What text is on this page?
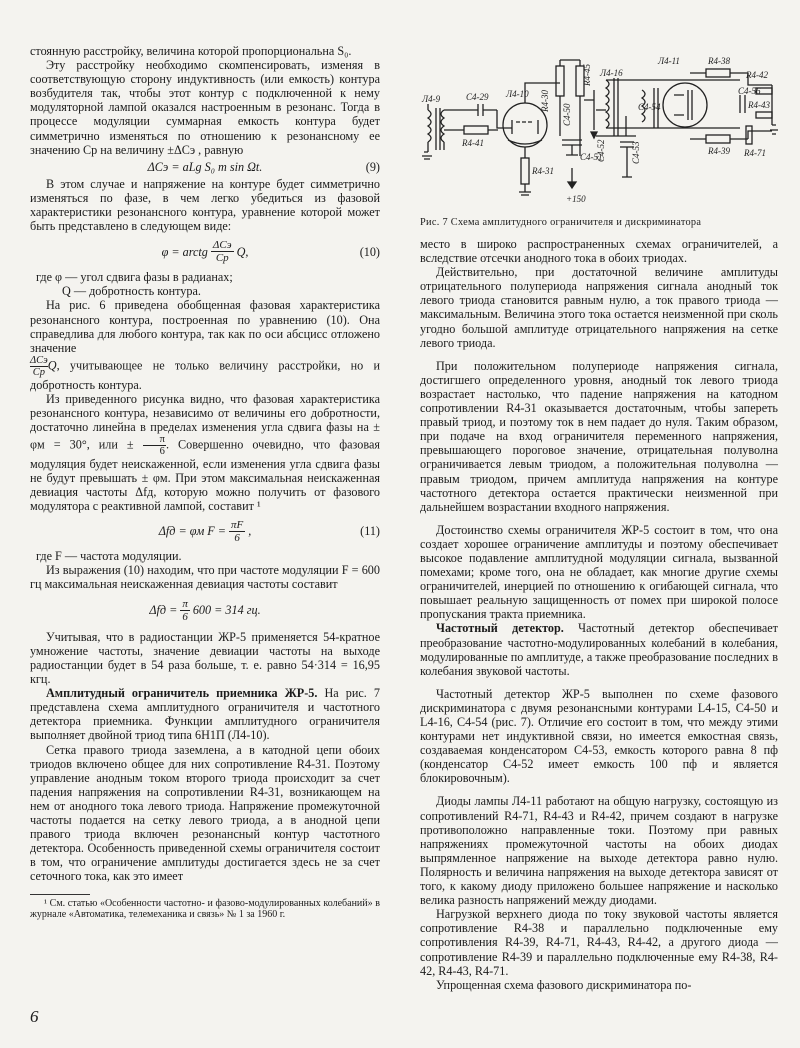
стоянную расстройку, величина которой пропорциональна S₀.

Эту расстройку необходимо скомпенсировать, изменяя в соответствующую сторону индуктивность (или емкость) контура возбудителя так, чтобы этот контур с подключенной к нему модуляторной лампой оказался настроенным в резонанс. Тогда в процессе модуляции суммарная емкость контура будет симметрично изменяться по отношению к резонансному ее значению Cр на величину ±ΔCэ , равную

ΔCэ = aLg S₀ m sin Ωt.	(9)

В этом случае и напряжение на контуре будет симметрично изменяться по фазе, в чем легко убедиться из фазовой характеристики резонансного контура, уравнение которой может быть представлено в следующем виде:

φ = arctg ΔCэ
Cр Q,	(10)

где φ — угол сдвига фазы в радианах;

Q — добротность контура.

На рис. 6 приведена обобщенная фазовая характеристика резонансного контура, построенная по уравнению (10). Она справедлива для любого контура, так как по оси абсцисс отложено значение

ΔCэ
Cр
Q, учитывающее не только величину расстройки, но и добротность контура.

Из приведенного рисунка видно, что фазовая характеристика резонансного контура, независимо от величины его добротности, достаточно линейна в пределах изменения угла сдвига фазы на ± φм = 30°, или ± $\frac{\pi}{6}$ . Совершенно очевидно, что фазовая модуляция будет неискаженной, если изменения угла сдвига фазы не будут превышать ± φм. При этом максимальная неискаженная девиация частоты Δfд, которую можно получить от фазового модулятора с реактивной лампой, составит ¹

Δfд = φм $F = \frac{\pi F}{6}$ ,	(11)

где F — частота модуляции.

Из выражения (10) находим, что при частоте модуляции F = 600 гц максимальная неискаженная девиация частоты составит

$\Delta fд = \frac{\pi}{6} 600 = 314$ гц.

Учитывая, что в радиостанции ЖР-5 применяется 54-кратное умножение частоты, значение девиации частоты на выходе радиостанции будет в 54 раза больше, т. е. равно 54·314 = 16,95 кгц.

Амплитудный ограничитель приемника ЖР-5. На рис. 7 представлена схема амплитудного ограничителя и частотного детектора приемника. Функции амплитудного ограничителя выполняет двойной триод типа 6Н1П (Л4-10).

Сетка правого триода заземлена, а в катодной цепи обоих триодов включено общее для них сопротивление R4-31. Поэтому управление анодным током второго триода происходит за счет падения напряжения на сопротивлении R4-31, возникающем на нем от анодного тока левого триода. Напряжение промежуточной частоты подается на сетку левого триода, а в анодной цепи правого триода включен резонансный контур частотного детектора. Особенность приведенной схемы ограничителя состоит в том, что ограничение амплитуды достигается здесь не за счет сеточного тока, как это имеет

¹ См. статью «Особенности частотно- и фазово-модулированных колебаний» в журнале «Автоматика, телемеханика и связь» № 1 за 1960 г.

6
Л4-9	C4-29
R4-41
Л4-10 R4-30
R4-45
R4-31
C4-51
+150
Л4-16
C4-52	C4-53
C4-54
Л4-11	R4-38
R4-39
C4-56
R4-42
R4-43
R4-71
C4-50
Рис. 7 Схема амплитудного ограничителя и дискриминатора

место в широко распространенных схемах ограничителей, а вследствие отсечки анодного тока в обоих триодах.

Действительно, при достаточной величине амплитуды отрицательного полупериода напряжения сигнала анодный ток левого триода становится равным нулю, а ток правого триода — максимальным. Величина этого тока остается неизменной при сколь угодно большой амплитуде отрицательного напряжения на сетке левого триода.

При положительном полупериоде напряжения сигнала, достигшего определенного уровня, анодный ток левого триода возрастает настолько, что падение напряжения на катодном сопротивлении R4-31 оказывается достаточным, чтобы запереть правый триод, и поэтому ток в нем падает до нуля. Таким образом, при подаче на вход ограничителя переменного напряжения, превышающего пороговое значение, отрицательная полуволна ограничивается левым триодом, а положительная полуволна — правым триодом, причем амплитуда напряжения на контуре частотного детектора остается практически неизменной при дальнейшем возрастании входного напряжения.

Достоинство схемы ограничителя ЖР-5 состоит в том, что она создает хорошее ограничение амплитуды и поэтому обеспечивает высокое подавление амплитудной модуляции сигнала, вызванной помехами; кроме того, она не обладает, как многие другие схемы ограничителей, инерцией по отношению к огибающей сигнала, что повышает реальную защищенность от помех при широкой полосе пропускания тракта приемника.

Частотный детектор. Частотный детектор обеспечивает преобразование частотно-модулированных колебаний в колебания, модулированные по амплитуде, а также преобразование последних в колебания звуковой частоты.

Частотный детектор ЖР-5 выполнен по схеме фазового дискриминатора с двумя резонансными контурами L4-15, C4-50 и L4-16, C4-54 (рис. 7). Отличие его состоит в том, что между этими контурами нет индуктивной связи, но имеется емкостная связь, создаваемая конденсатором C4-53, емкость которого равна 8 пф (конденсатор C4-52 имеет емкость 100 пф и является блокировочным).

Диоды лампы Л4-11 работают на общую нагрузку, состоящую из сопротивлений R4-71, R4-43 и R4-42, причем создают в нагрузке противоположно направленные токи. Поэтому при равных напряжениях промежуточной частоты на обоих диодах выпрямленное напряжение на выходе детектора равно нулю. Полярность и величина напряжения на выходе детектора зависят от того, к какому диоду приложено большее напряжение и насколько велика разность напряжений между диодами.

Нагрузкой верхнего диода по току звуковой частоты является сопротивление R4-38 и параллельно подключенные ему сопротивления R4-39, R4-71, R4-43, R4-42, а другого диода — сопротивление R4-39 и параллельно подключенные ему R4-38, R4-42, R4-43, R4-71.

Упрощенная схема фазового дискриминатора по-
